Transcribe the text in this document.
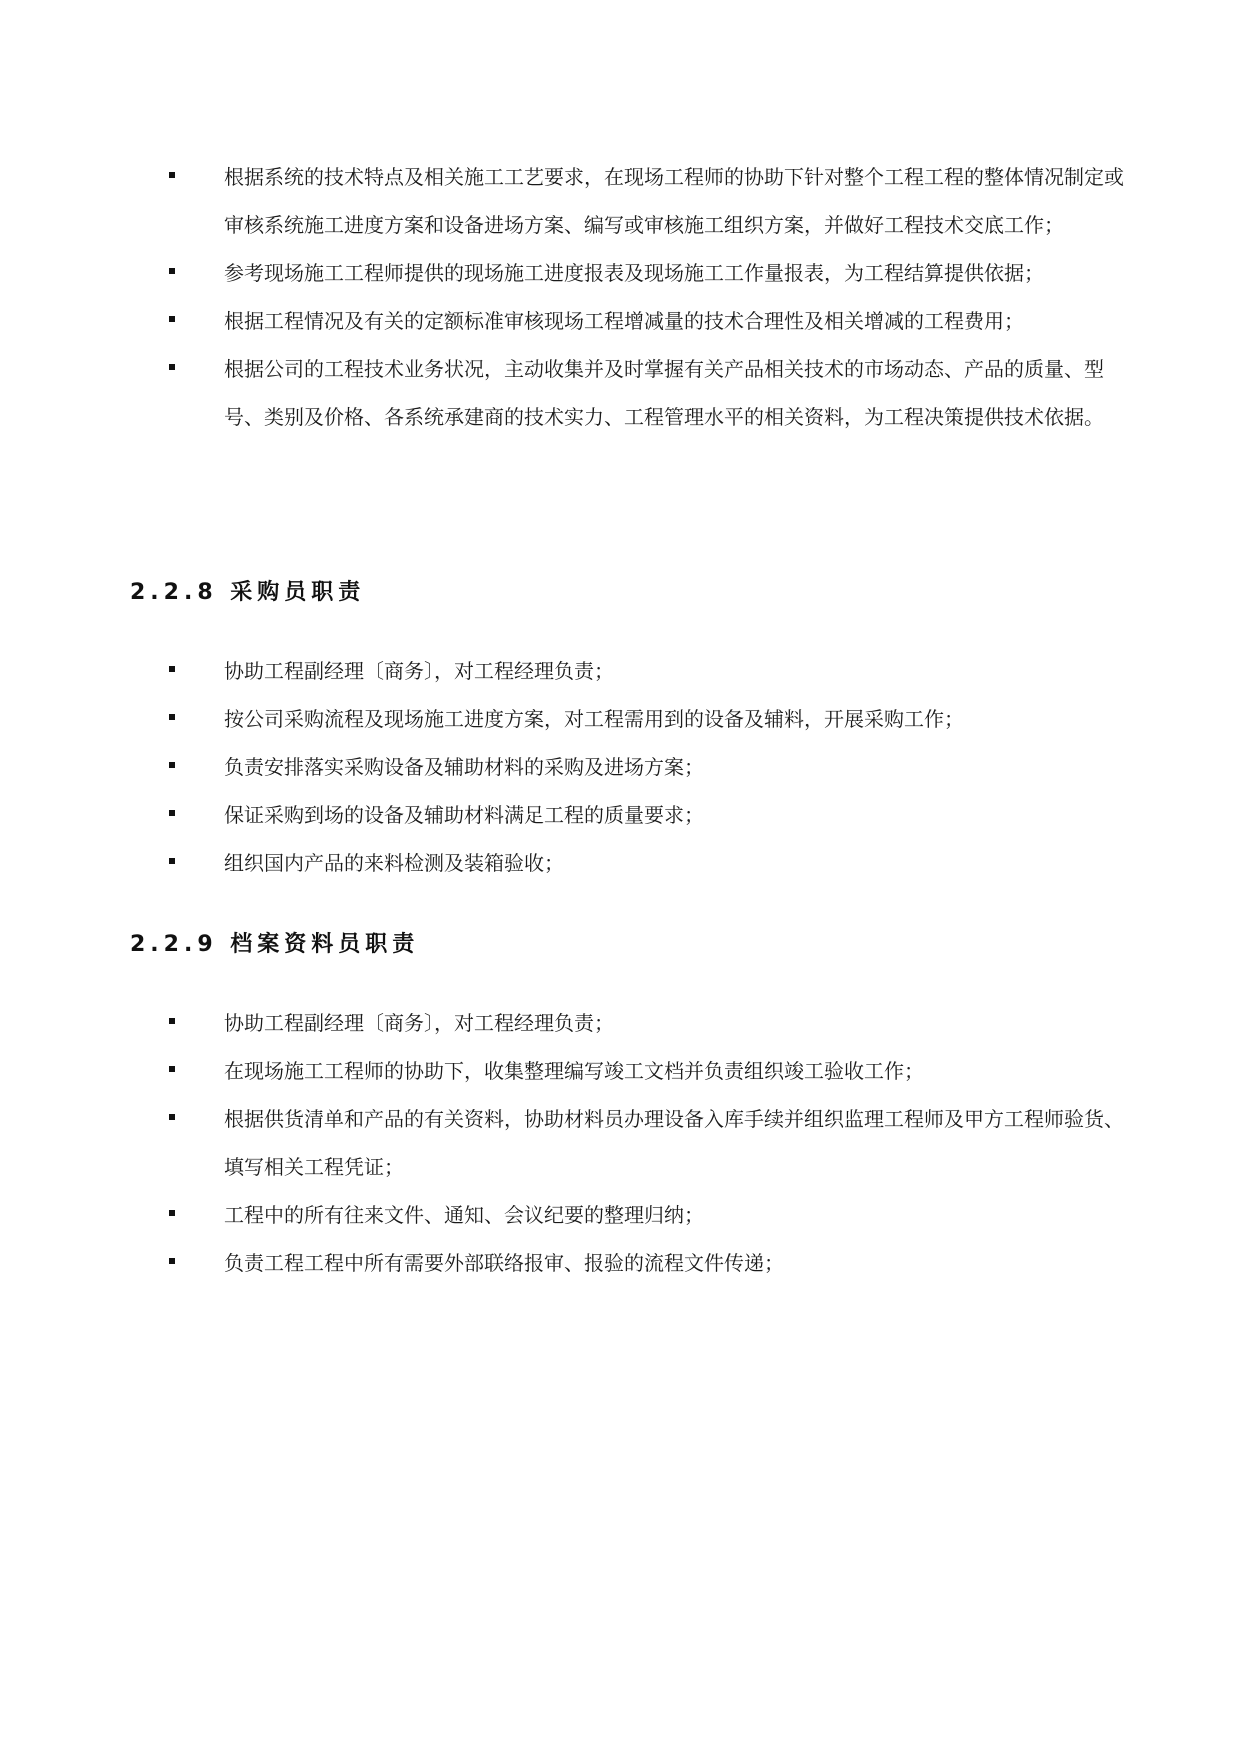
根据系统的技术特点及相关施工工艺要求，在现场工程师的协助下针对整个工程工程的整体情况制定或审核系统施工进度方案和设备进场方案、编写或审核施工组织方案，并做好工程技术交底工作；
参考现场施工工程师提供的现场施工进度报表及现场施工工作量报表，为工程结算提供依据；
根据工程情况及有关的定额标准审核现场工程增减量的技术合理性及相关增减的工程费用；
根据公司的工程技术业务状况，主动收集并及时掌握有关产品相关技术的市场动态、产品的质量、型号、类别及价格、各系统承建商的技术实力、工程管理水平的相关资料，为工程决策提供技术依据。
2.2.8 采购员职责
协助工程副经理〔商务〕，对工程经理负责；
按公司采购流程及现场施工进度方案，对工程需用到的设备及辅料，开展采购工作；
负责安排落实采购设备及辅助材料的采购及进场方案；
保证采购到场的设备及辅助材料满足工程的质量要求；
组织国内产品的来料检测及装箱验收；
2.2.9 档案资料员职责
协助工程副经理〔商务〕，对工程经理负责；
在现场施工工程师的协助下，收集整理编写竣工文档并负责组织竣工验收工作；
根据供货清单和产品的有关资料，协助材料员办理设备入库手续并组织监理工程师及甲方工程师验货、填写相关工程凭证；
工程中的所有往来文件、通知、会议纪要的整理归纳；
负责工程工程中所有需要外部联络报审、报验的流程文件传递；
